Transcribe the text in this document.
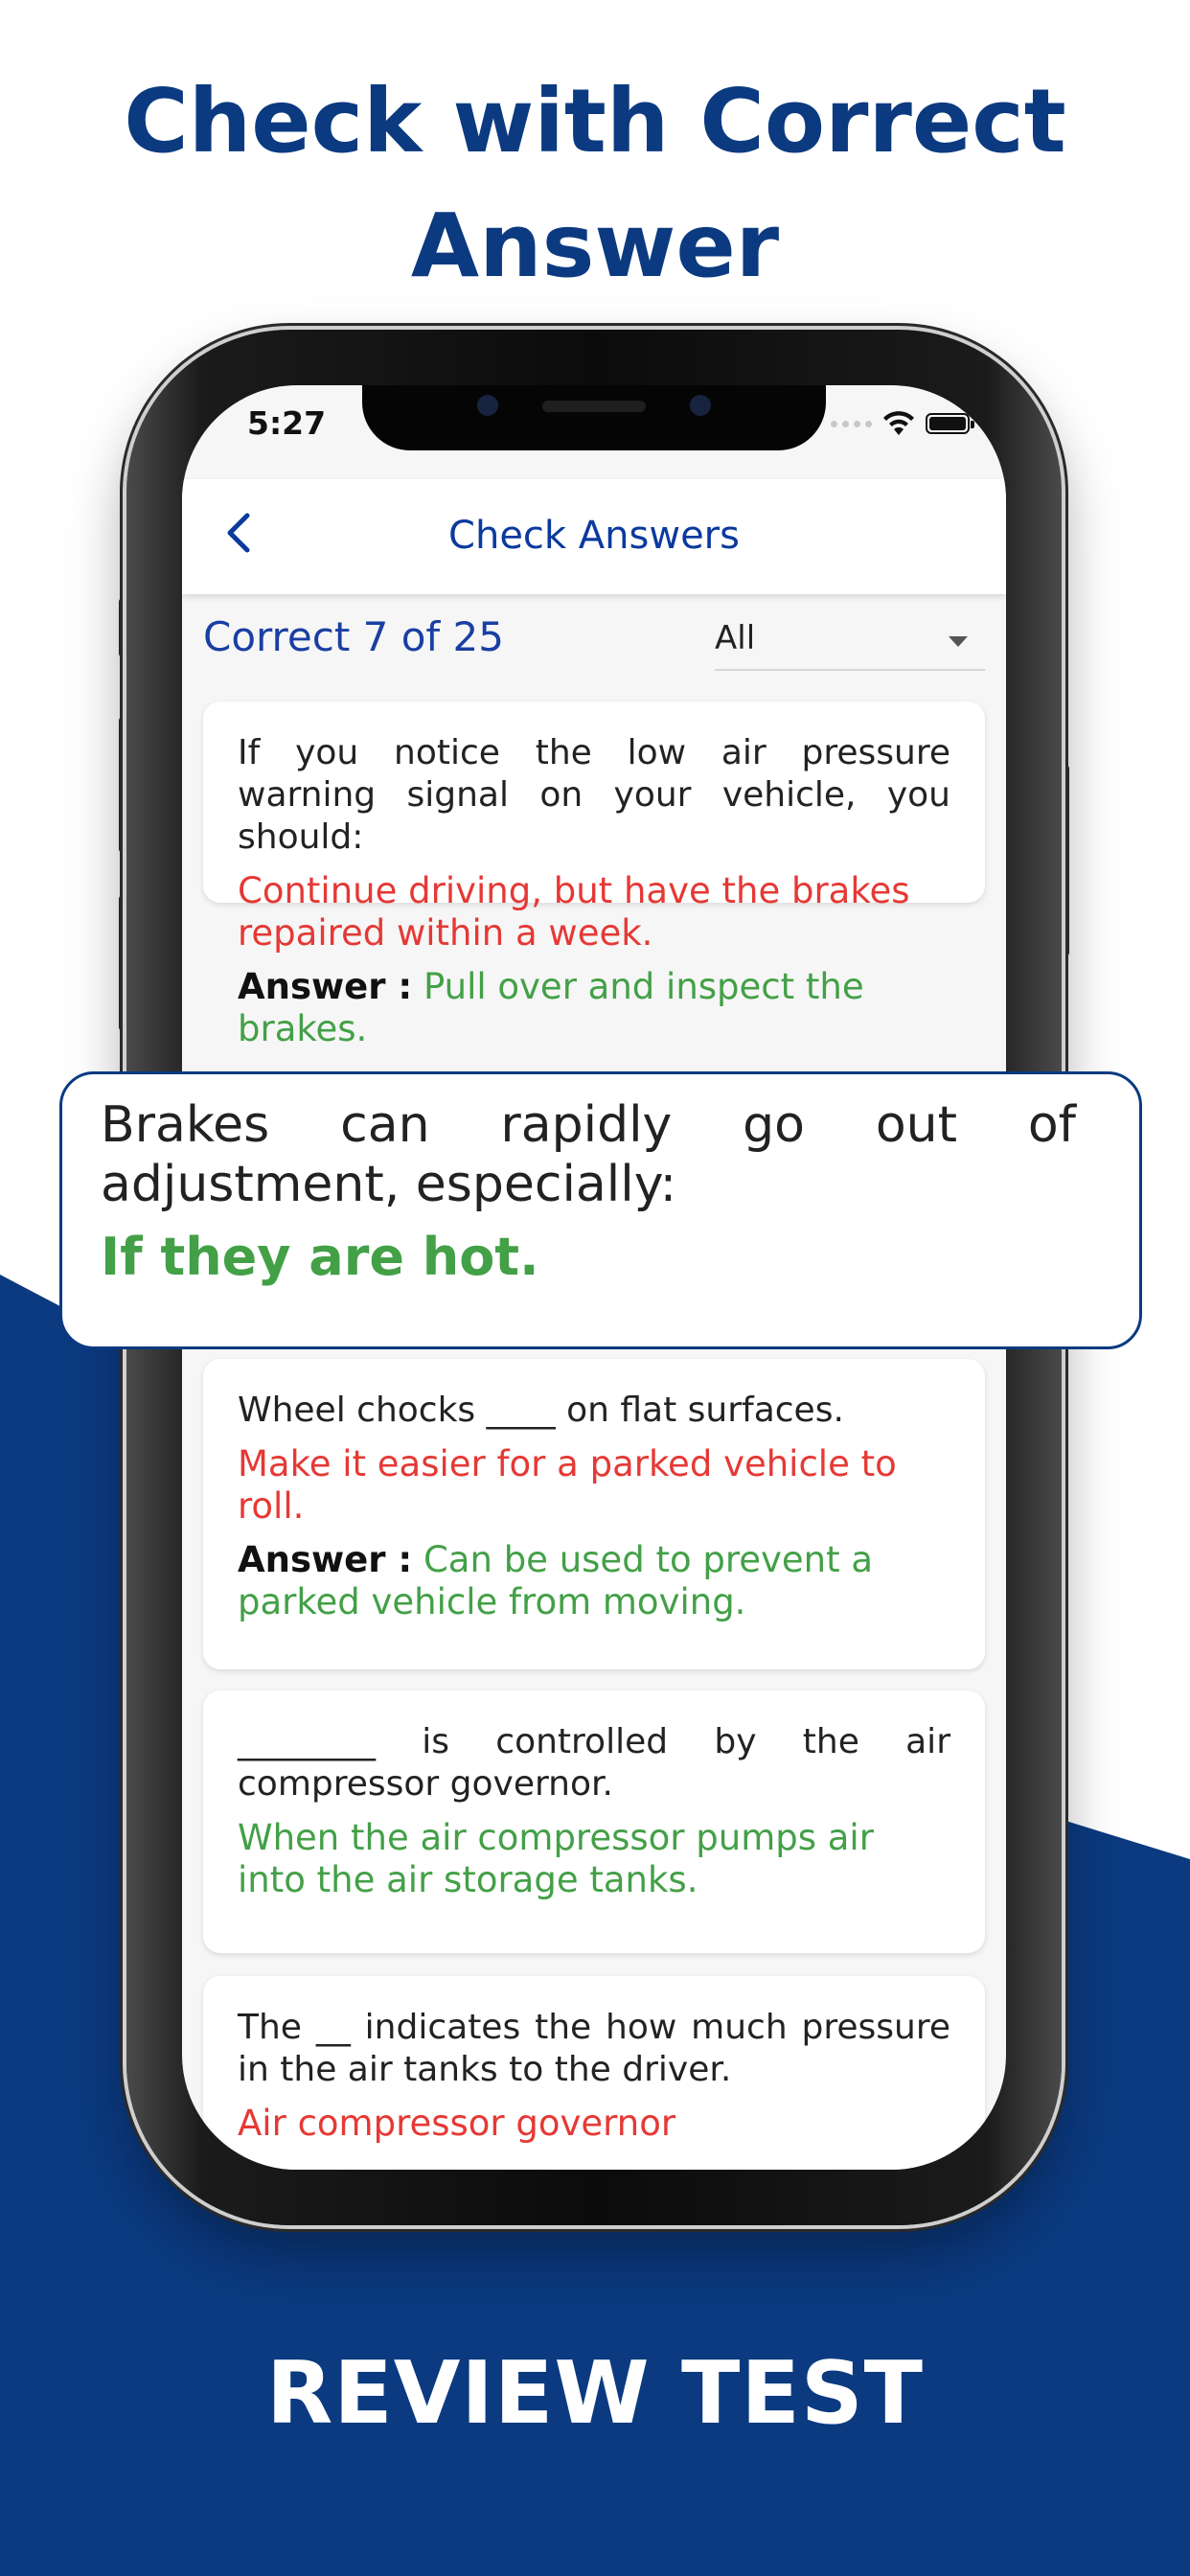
Check with Correct
Answer
5:27
Check Answers
Correct 7 of 25	All

If you notice the low air pressure warning signal on your vehicle, you should:

Continue driving, but have the brakes repaired within a week.

Answer : Pull over and inspect the brakes.

Wheel chocks ____ on flat surfaces.

Make it easier for a parked vehicle to roll.

Answer : Can be used to prevent a parked vehicle from moving.

________ is controlled by the air compressor governor.

When the air compressor pumps air into the air storage tanks.

The __ indicates the how much pressure in the air tanks to the driver.

Air compressor governor

Brakes can rapidly go out of adjustment, especially:

If they are hot.

REVIEW TEST
